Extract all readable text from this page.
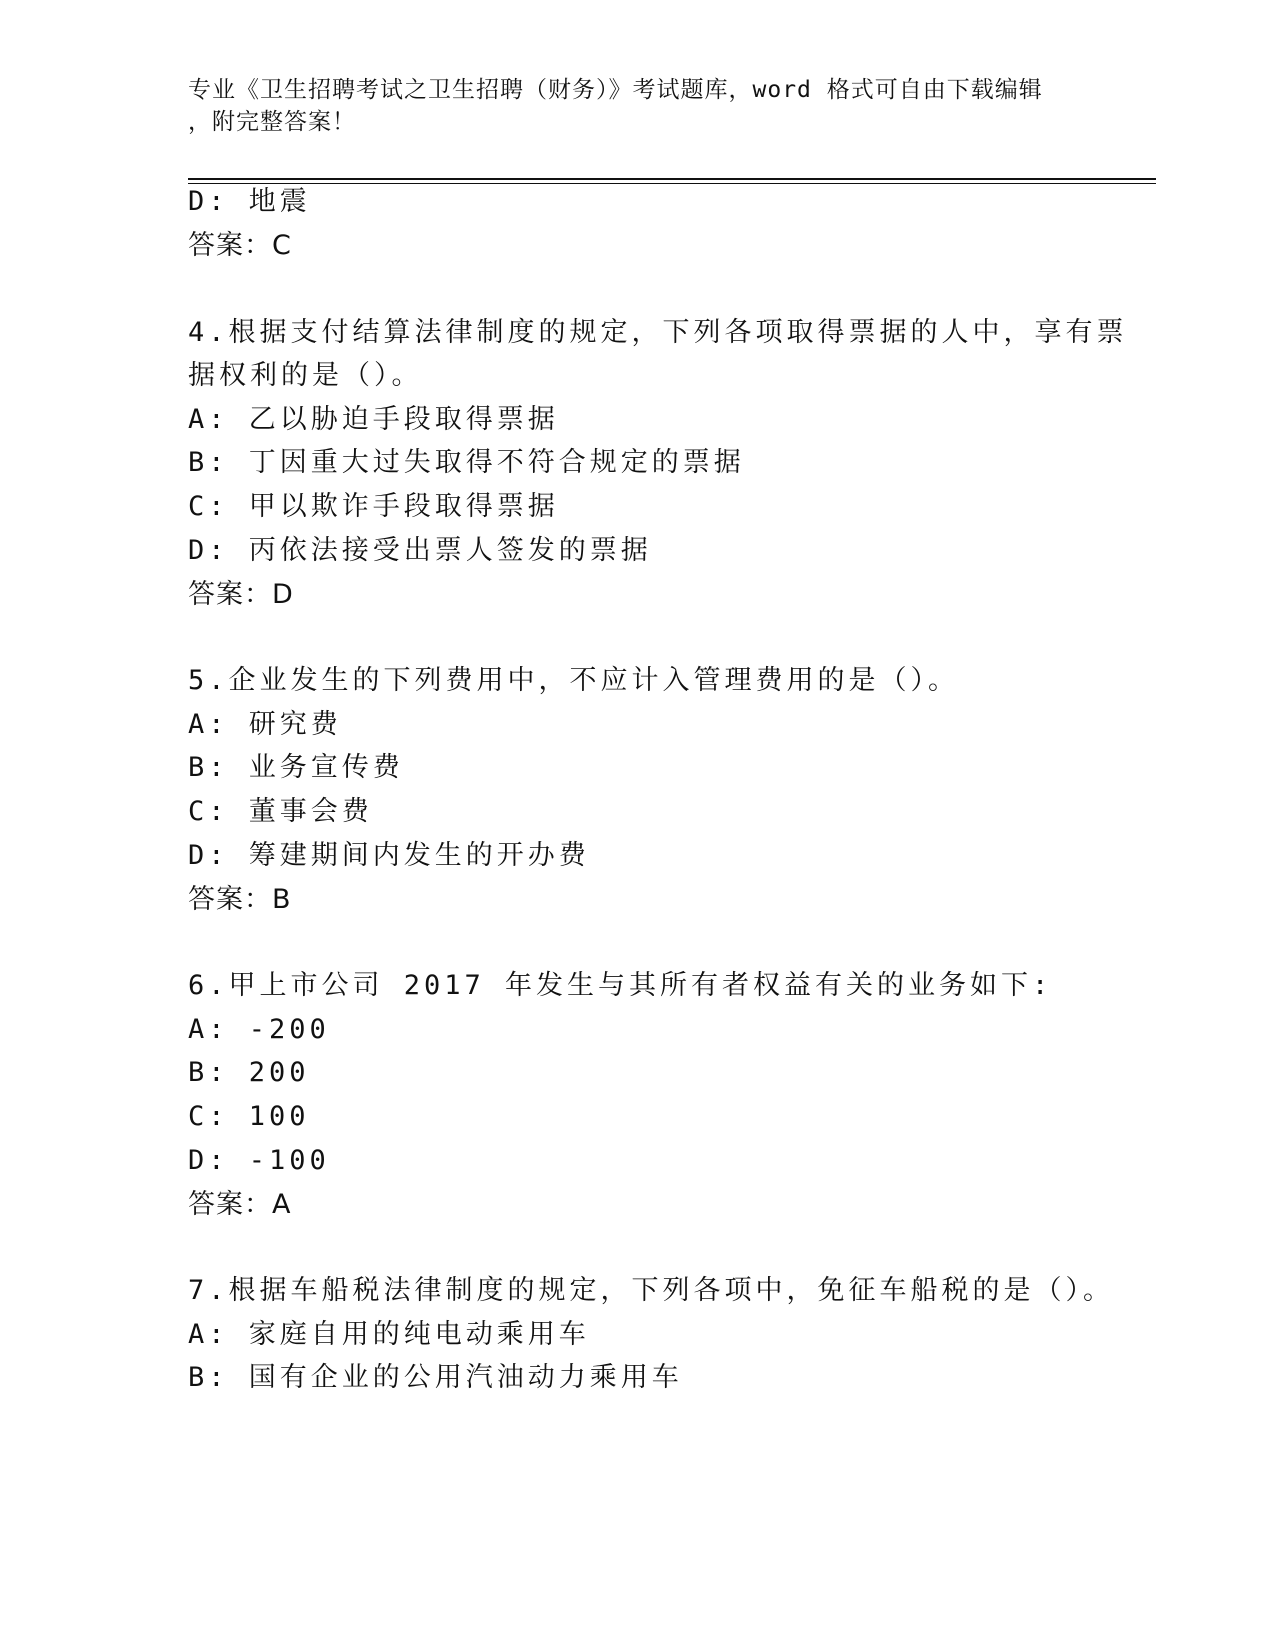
专业《卫生招聘考试之卫生招聘（财务）》考试题库，word 格式可自由下载编辑
，附完整答案！
D: 地震
答案：C
4.根据支付结算法律制度的规定，下列各项取得票据的人中，享有票
据权利的是（）。
A: 乙以胁迫手段取得票据
B: 丁因重大过失取得不符合规定的票据
C: 甲以欺诈手段取得票据
D: 丙依法接受出票人签发的票据
答案：D
5.企业发生的下列费用中，不应计入管理费用的是（）。
A: 研究费
B: 业务宣传费
C: 董事会费
D: 筹建期间内发生的开办费
答案：B
6.甲上市公司 2017 年发生与其所有者权益有关的业务如下:
A: -200
B: 200
C: 100
D: -100
答案：A
7.根据车船税法律制度的规定，下列各项中，免征车船税的是（）。
A: 家庭自用的纯电动乘用车
B: 国有企业的公用汽油动力乘用车
